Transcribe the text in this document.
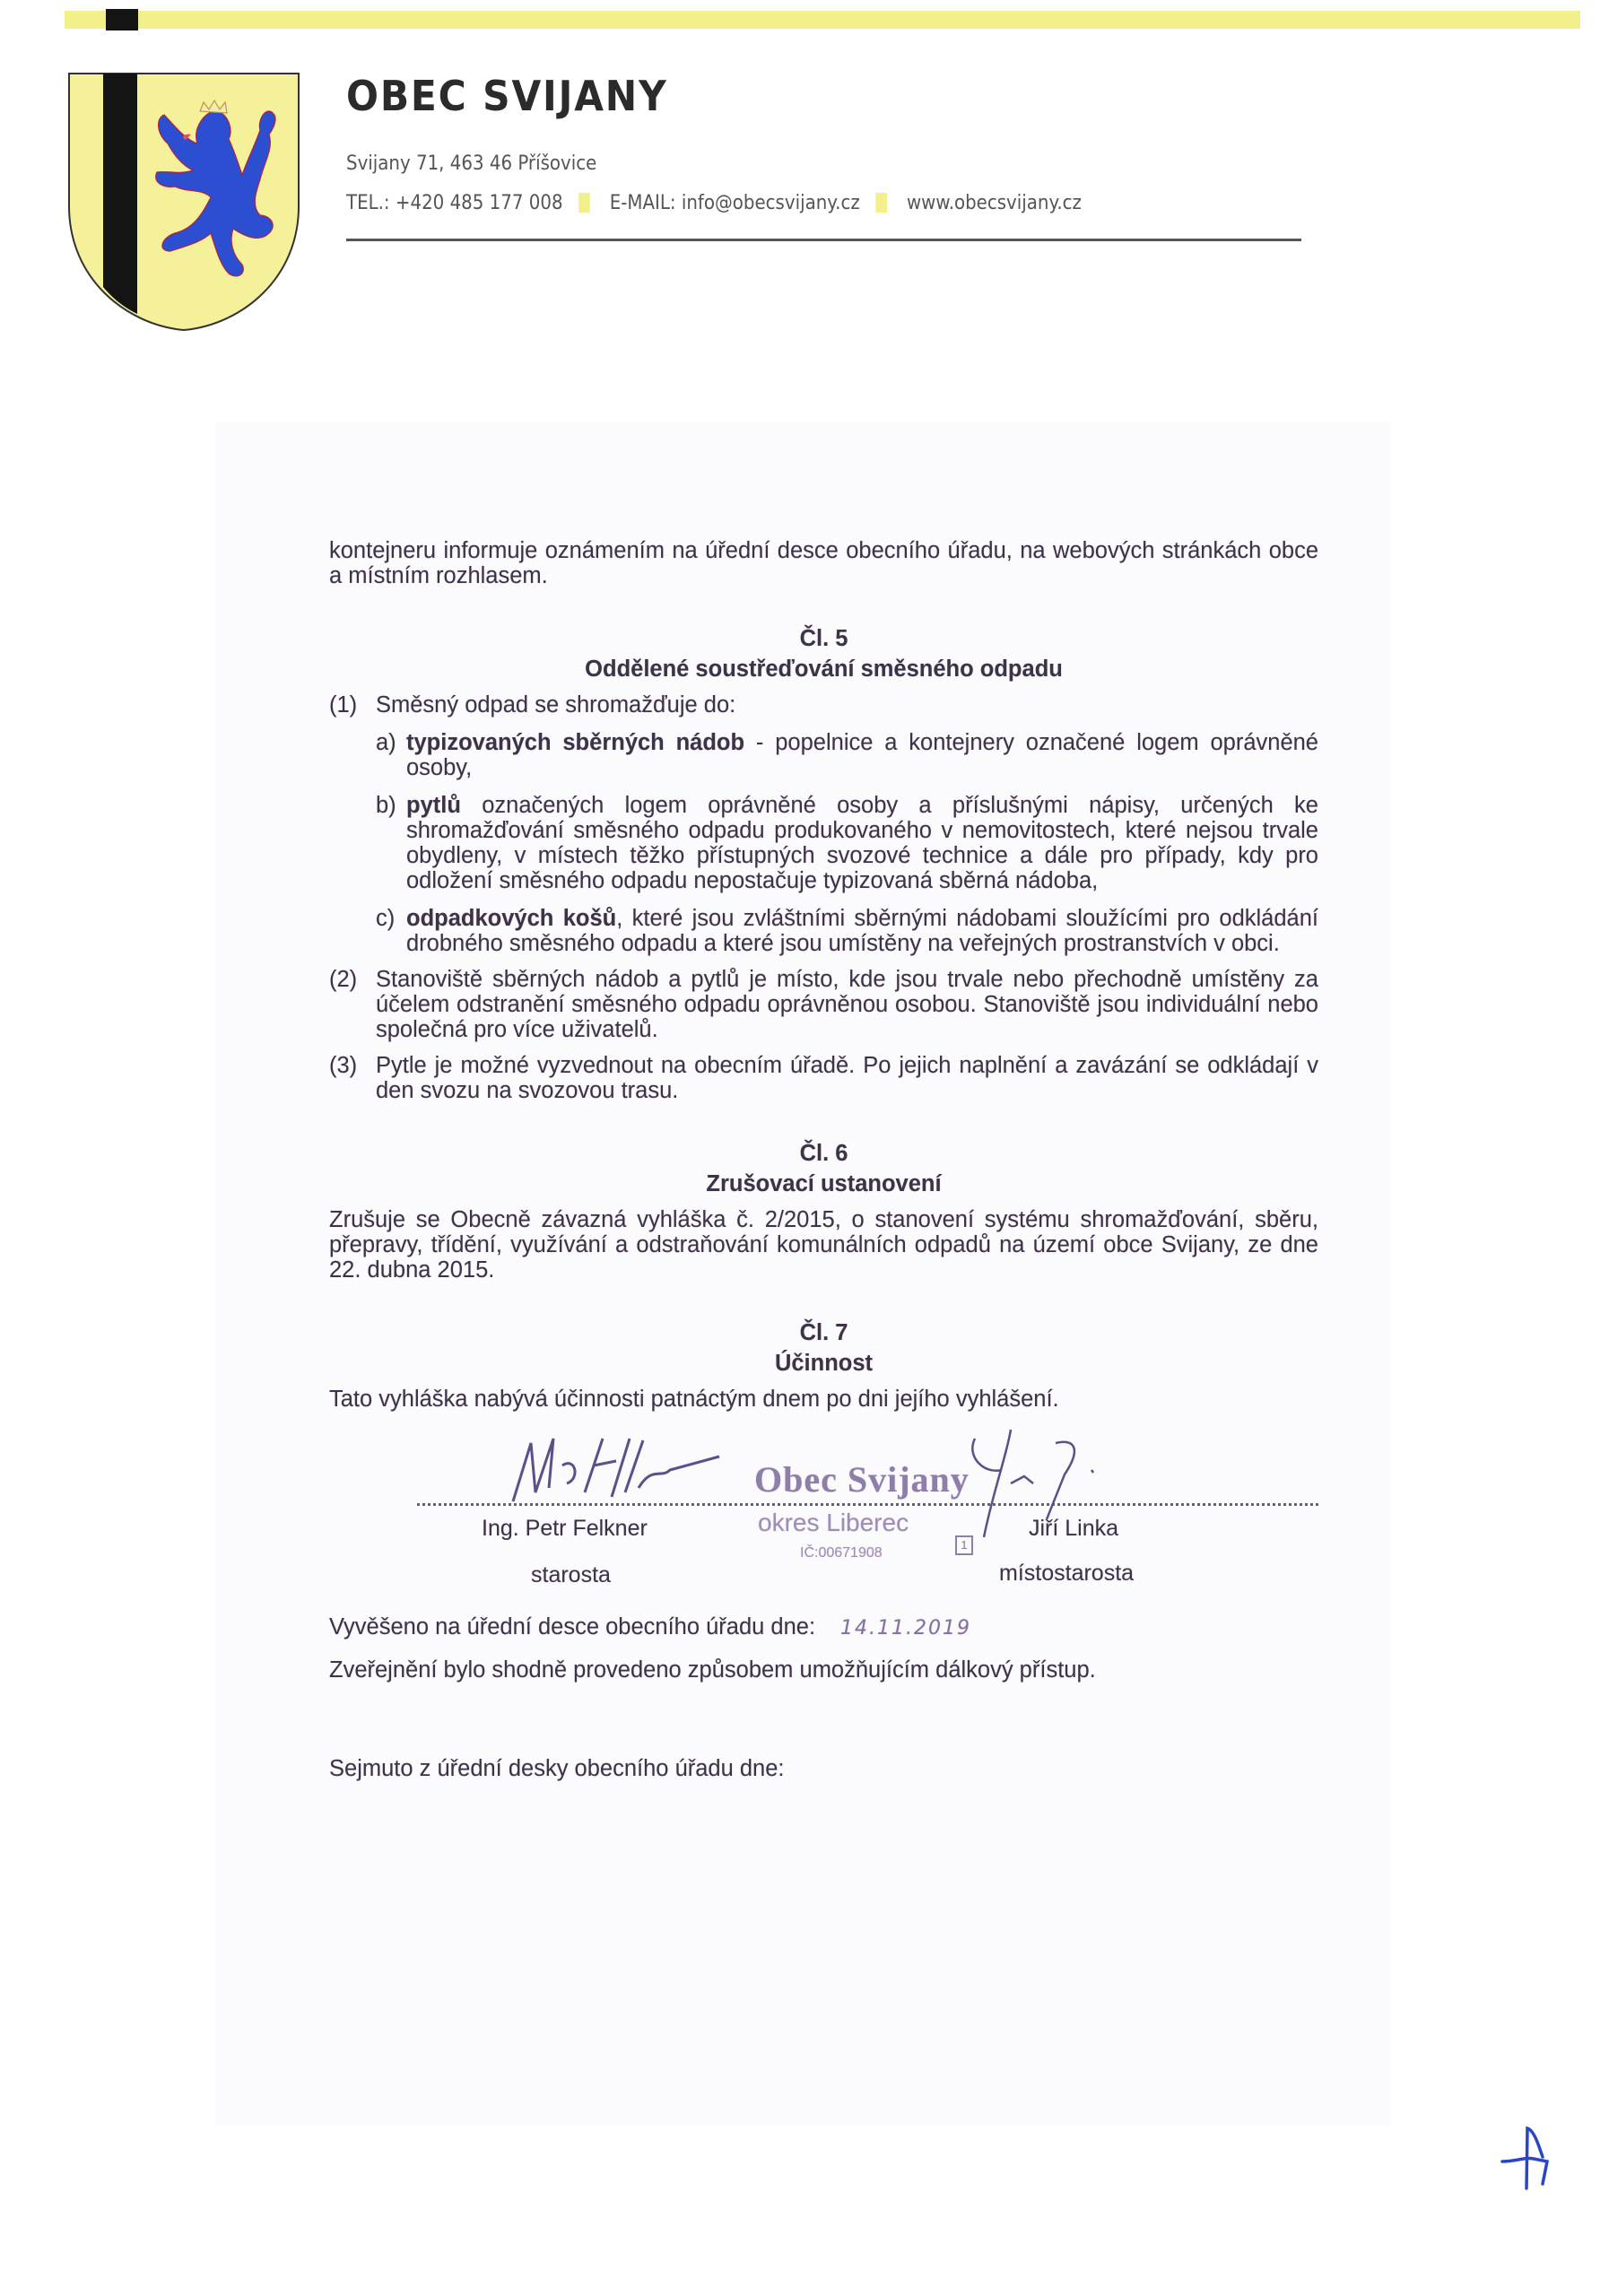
OBEC SVIJANY
Svijany 71, 463 46 Příšovice
TEL.: +420 485 177 008 E-MAIL: info@obecsvijany.cz www.obecsvijany.cz

kontejneru informuje oznámením na úřední desce obecního úřadu, na webových stránkách obce a místním rozhlasem.

Čl. 5

Oddělené soustřeďování směsného odpadu

(1) Směsný odpad se shromažďuje do:
a) typizovaných sběrných nádob - popelnice a kontejnery označené logem oprávněné osoby,
b) pytlů označených logem oprávněné osoby a příslušnými nápisy, určených ke shromažďování směsného odpadu produkovaného v nemovitostech, které nejsou trvale obydleny, v místech těžko přístupných svozové technice a dále pro případy, kdy pro odložení směsného odpadu nepostačuje typizovaná sběrná nádoba,
c) odpadkových košů, které jsou zvláštními sběrnými nádobami sloužícími pro odkládání drobného směsného odpadu a které jsou umístěny na veřejných prostranstvích v obci.
(2) Stanoviště sběrných nádob a pytlů je místo, kde jsou trvale nebo přechodně umístěny za účelem odstranění směsného odpadu oprávněnou osobou. Stanoviště jsou individuální nebo společná pro více uživatelů.
(3) Pytle je možné vyzvednout na obecním úřadě. Po jejich naplnění a zavázání se odkládají v den svozu na svozovou trasu.

Čl. 6

Zrušovací ustanovení

Zrušuje se Obecně závazná vyhláška č. 2/2015, o stanovení systému shromažďování, sběru, přepravy, třídění, využívání a odstraňování komunálních odpadů na území obce Svijany, ze dne 22. dubna 2015.

Čl. 7

Účinnost

Tato vyhláška nabývá účinnosti patnáctým dnem po dni jejího vyhlášení.

Obec Svijany
okres Liberec
IČ:00671908
1
Ing. Petr Felkner
starosta
Jiří Linka
místostarosta

Vyvěšeno na úřední desce obecního úřadu dne: 14.11.2019

Zveřejnění bylo shodně provedeno způsobem umožňujícím dálkový přístup.

Sejmuto z úřední desky obecního úřadu dne:
